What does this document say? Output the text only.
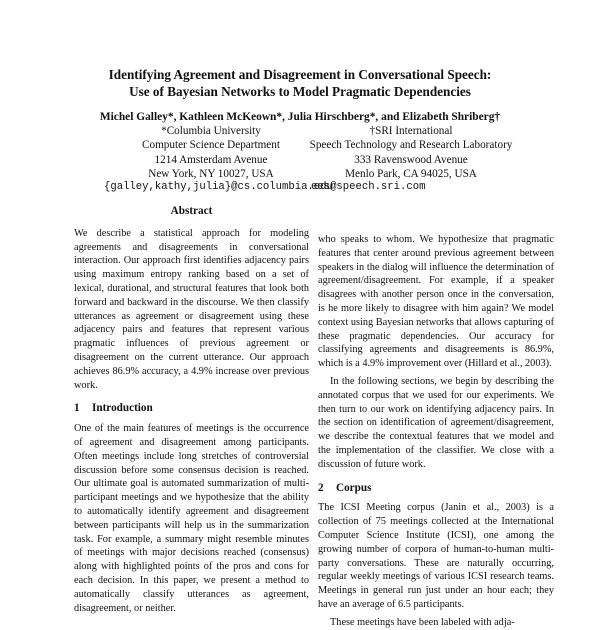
Identifying Agreement and Disagreement in Conversational Speech:
Use of Bayesian Networks to Model Pragmatic Dependencies
Michel Galley*, Kathleen McKeown*, Julia Hirschberg*, and Elizabeth Shriberg†
*Columbia University
Computer Science Department
1214 Amsterdam Avenue
New York, NY 10027, USA
†SRI International
Speech Technology and Research Laboratory
333 Ravenswood Avenue
Menlo Park, CA 94025, USA
{galley,kathy,julia}@cs.columbia.edu
ees@speech.sri.com
Abstract

We describe a statistical approach for modeling agreements and disagreements in conversational interaction. Our approach first identifies adjacency pairs using maximum entropy ranking based on a set of lexical, durational, and structural features that look both forward and backward in the discourse. We then classify utterances as agreement or disagreement using these adjacency pairs and features that represent various pragmatic influences of previous agreement or disagreement on the current utterance. Our approach achieves 86.9% accuracy, a 4.9% increase over previous work.

1 Introduction

One of the main features of meetings is the occurrence of agreement and disagreement among participants. Often meetings include long stretches of controversial discussion before some consensus decision is reached. Our ultimate goal is automated summarization of multi-participant meetings and we hypothesize that the ability to automatically identify agreement and disagreement between participants will help us in the summarization task. For example, a summary might resemble minutes of meetings with major decisions reached (consensus) along with highlighted points of the pros and cons for each decision. In this paper, we present a method to automatically classify utterances as agreement, disagreement, or neither.

who speaks to whom. We hypothesize that pragmatic features that center around previous agreement between speakers in the dialog will influence the determination of agreement/disagreement. For example, if a speaker disagrees with another person once in the conversation, is he more likely to disagree with him again? We model context using Bayesian networks that allows capturing of these pragmatic dependencies. Our accuracy for classifying agreements and disagreements is 86.9%, which is a 4.9% improvement over (Hillard et al., 2003).

In the following sections, we begin by describing the annotated corpus that we used for our experiments. We then turn to our work on identifying adjacency pairs. In the section on identification of agreement/disagreement, we describe the contextual features that we model and the implementation of the classifier. We close with a discussion of future work.

2 Corpus

The ICSI Meeting corpus (Janin et al., 2003) is a collection of 75 meetings collected at the International Computer Science Institute (ICSI), one among the growing number of corpora of human-to-human multi-party conversations. These are naturally occurring, regular weekly meetings of various ICSI research teams. Meetings in general run just under an hour each; they have an average of 6.5 participants.

These meetings have been labeled with adja-
